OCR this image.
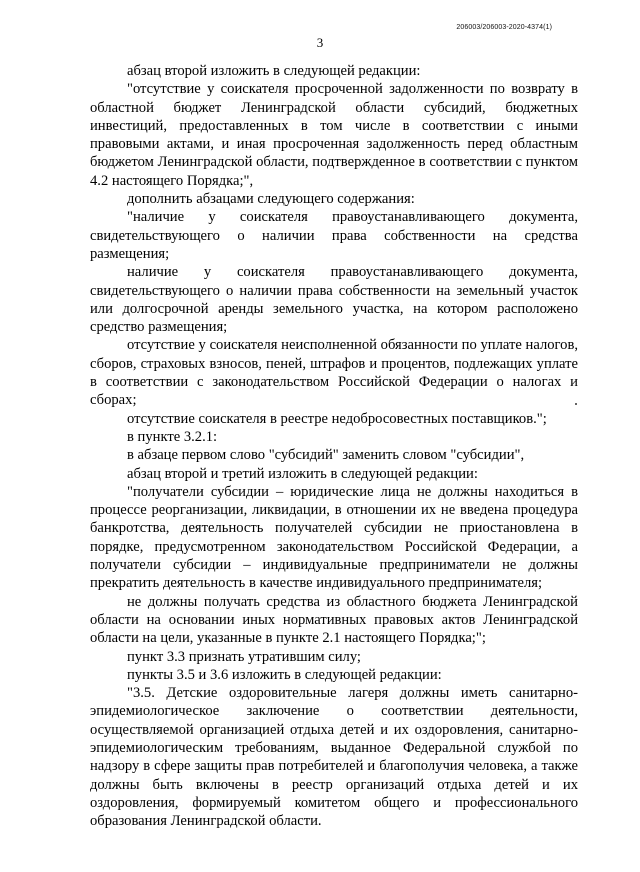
206003/206003-2020-4374(1)
3

абзац второй изложить в следующей редакции:

"отсутствие у соискателя просроченной задолженности по возврату в областной бюджет Ленинградской области субсидий, бюджетных инвестиций, предоставленных в том числе в соответствии с иными правовыми актами, и иная просроченная задолженность перед областным бюджетом Ленинградской области, подтвержденное в соответствии с пунктом 4.2 настоящего Порядка;",

дополнить абзацами следующего содержания:

"наличие у соискателя правоустанавливающего документа, свидетельствующего о наличии права собственности на средства размещения;

наличие у соискателя правоустанавливающего документа, свидетельствующего о наличии права собственности на земельный участок или долгосрочной аренды земельного участка, на котором расположено средство размещения;

отсутствие у соискателя неисполненной обязанности по уплате налогов, сборов, страховых взносов, пеней, штрафов и процентов, подлежащих уплате в соответствии с законодательством Российской Федерации о налогах и сборах;

отсутствие соискателя в реестре недобросовестных поставщиков.";

в пункте 3.2.1:

в абзаце первом слово "субсидий" заменить словом "субсидии",

абзац второй и третий изложить в следующей редакции:

"получатели субсидии – юридические лица не должны находиться в процессе реорганизации, ликвидации, в отношении их не введена процедура банкротства, деятельность получателей субсидии не приостановлена в порядке, предусмотренном законодательством Российской Федерации, а получатели субсидии – индивидуальные предприниматели не должны прекратить деятельность в качестве индивидуального предпринимателя;

не должны получать средства из областного бюджета Ленинградской области на основании иных нормативных правовых актов Ленинградской области на цели, указанные в пункте 2.1 настоящего Порядка;";

пункт 3.3 признать утратившим силу;

пункты 3.5 и 3.6 изложить в следующей редакции:

"3.5. Детские оздоровительные лагеря должны иметь санитарно-эпидемиологическое заключение о соответствии деятельности, осуществляемой организацией отдыха детей и их оздоровления, санитарно-эпидемиологическим требованиям, выданное Федеральной службой по надзору в сфере защиты прав потребителей и благополучия человека, а также должны быть включены в реестр организаций отдыха детей и их оздоровления, формируемый комитетом общего и профессионального образования Ленинградской области.
